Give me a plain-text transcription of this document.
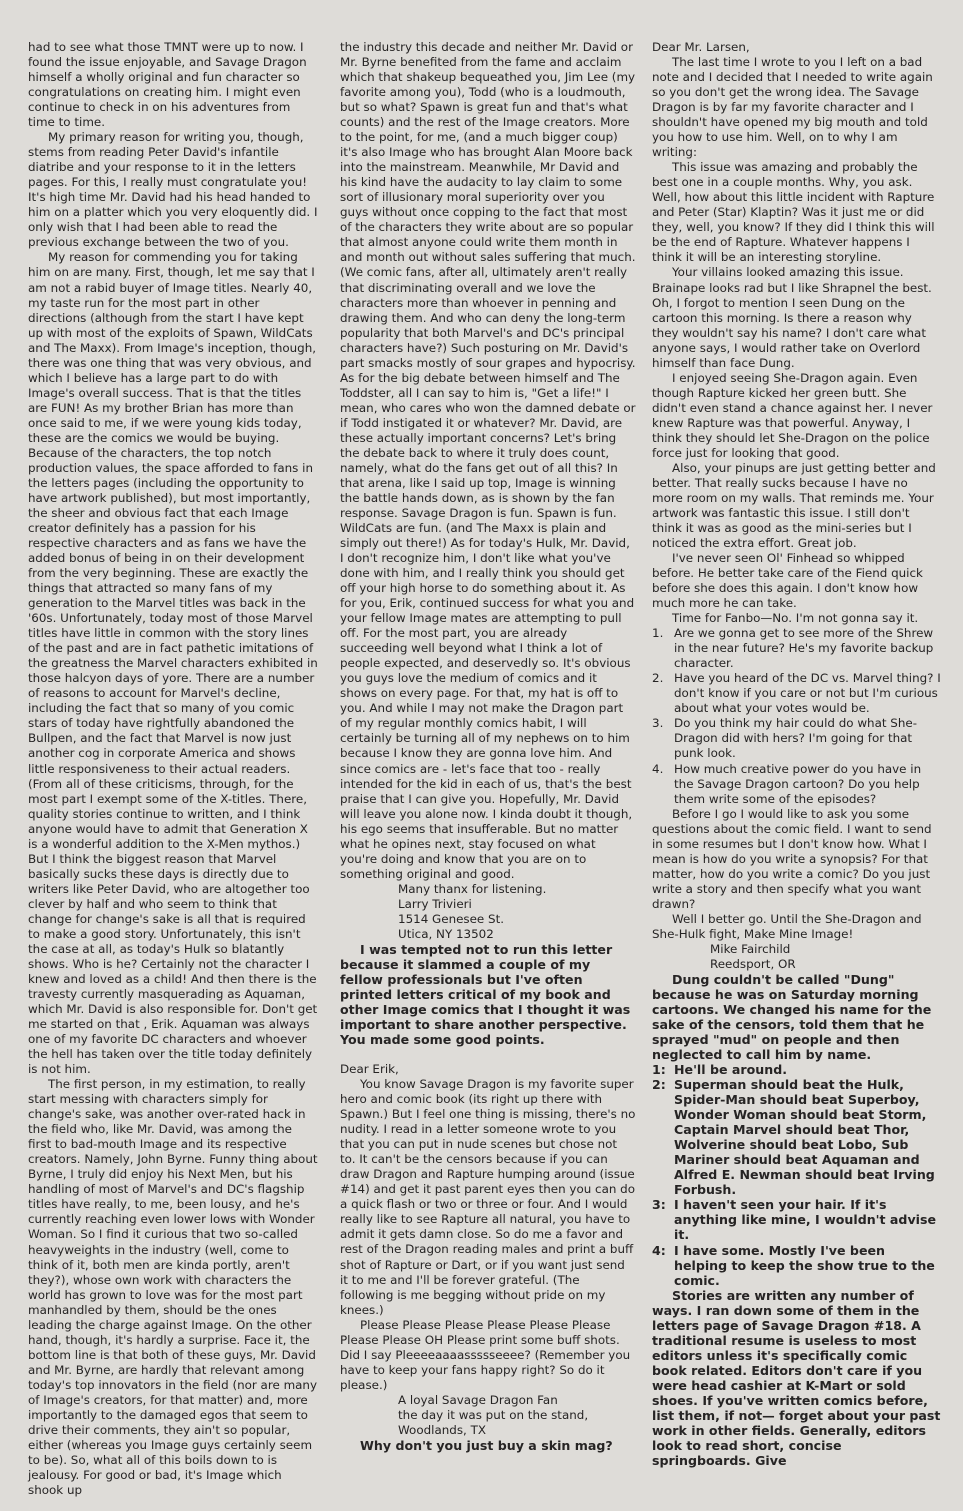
had to see what those TMNT were up to now. I found the issue enjoyable, and Savage Dragon himself a wholly original and fun character so congratulations on creating him. I might even continue to check in on his adventures from time to time.

My primary reason for writing you, though, stems from reading Peter David's infantile diatribe and your response to it in the letters pages. For this, I really must congratulate you! It's high time Mr. David had his head handed to him on a platter which you very eloquently did. I only wish that I had been able to read the previous exchange between the two of you.

My reason for commending you for taking him on are many. First, though, let me say that I am not a rabid buyer of Image titles. Nearly 40, my taste run for the most part in other directions (although from the start I have kept up with most of the exploits of Spawn, WildCats and The Maxx). From Image's inception, though, there was one thing that was very obvious, and which I believe has a large part to do with Image's overall success. That is that the titles are FUN! As my brother Brian has more than once said to me, if we were young kids today, these are the comics we would be buying. Because of the characters, the top notch production values, the space afforded to fans in the letters pages (including the opportunity to have artwork published), but most importantly, the sheer and obvious fact that each Image creator definitely has a passion for his respective characters and as fans we have the added bonus of being in on their development from the very beginning. These are exactly the things that attracted so many fans of my generation to the Marvel titles was back in the '60s. Unfortunately, today most of those Marvel titles have little in common with the story lines of the past and are in fact pathetic imitations of the greatness the Marvel characters exhibited in those halcyon days of yore. There are a number of reasons to account for Marvel's decline, including the fact that so many of you comic stars of today have rightfully abandoned the Bullpen, and the fact that Marvel is now just another cog in corporate America and shows little responsiveness to their actual readers. (From all of these criticisms, through, for the most part I exempt some of the X-titles. There, quality stories continue to written, and I think anyone would have to admit that Generation X is a wonderful addition to the X-Men mythos.) But I think the biggest reason that Marvel basically sucks these days is directly due to writers like Peter David, who are altogether too clever by half and who seem to think that change for change's sake is all that is required to make a good story. Unfortunately, this isn't the case at all, as today's Hulk so blatantly shows. Who is he? Certainly not the character I knew and loved as a child! And then there is the travesty currently masquerading as Aquaman, which Mr. David is also responsible for. Don't get me started on that , Erik. Aquaman was always one of my favorite DC characters and whoever the hell has taken over the title today definitely is not him.

The first person, in my estimation, to really start messing with characters simply for change's sake, was another over-rated hack in the field who, like Mr. David, was among the first to bad-mouth Image and its respective creators. Namely, John Byrne. Funny thing about Byrne, I truly did enjoy his Next Men, but his handling of most of Marvel's and DC's flagship titles have really, to me, been lousy, and he's currently reaching even lower lows with Wonder Woman. So I find it curious that two so-called heavyweights in the industry (well, come to think of it, both men are kinda portly, aren't they?), whose own work with characters the world has grown to love was for the most part manhandled by them, should be the ones leading the charge against Image. On the other hand, though, it's hardly a surprise. Face it, the bottom line is that both of these guys, Mr. David and Mr. Byrne, are hardly that relevant among today's top innovators in the field (nor are many of Image's creators, for that matter) and, more importantly to the damaged egos that seem to drive their comments, they ain't so popular, either (whereas you Image guys certainly seem to be). So, what all of this boils down to is jealousy. For good or bad, it's Image which shook up

the industry this decade and neither Mr. David or Mr. Byrne benefited from the fame and acclaim which that shakeup bequeathed you, Jim Lee (my favorite among you), Todd (who is a loudmouth, but so what? Spawn is great fun and that's what counts) and the rest of the Image creators. More to the point, for me, (and a much bigger coup) it's also Image who has brought Alan Moore back into the mainstream. Meanwhile, Mr David and his kind have the audacity to lay claim to some sort of illusionary moral superiority over you guys without once copping to the fact that most of the characters they write about are so popular that almost anyone could write them month in and month out without sales suffering that much. (We comic fans, after all, ultimately aren't really that discriminating overall and we love the characters more than whoever in penning and drawing them. And who can deny the long-term popularity that both Marvel's and DC's principal characters have?) Such posturing on Mr. David's part smacks mostly of sour grapes and hypocrisy. As for the big debate between himself and The Toddster, all I can say to him is, "Get a life!" I mean, who cares who won the damned debate or if Todd instigated it or whatever? Mr. David, are these actually important concerns? Let's bring the debate back to where it truly does count, namely, what do the fans get out of all this? In that arena, like I said up top, Image is winning the battle hands down, as is shown by the fan response. Savage Dragon is fun. Spawn is fun. WildCats are fun. (and The Maxx is plain and simply out there!) As for today's Hulk, Mr. David, I don't recognize him, I don't like what you've done with him, and I really think you should get off your high horse to do something about it. As for you, Erik, continued success for what you and your fellow Image mates are attempting to pull off. For the most part, you are already succeeding well beyond what I think a lot of people expected, and deservedly so. It's obvious you guys love the medium of comics and it shows on every page. For that, my hat is off to you. And while I may not make the Dragon part of my regular monthly comics habit, I will certainly be turning all of my nephews on to him because I know they are gonna love him. And since comics are - let's face that too - really intended for the kid in each of us, that's the best praise that I can give you. Hopefully, Mr. David will leave you alone now. I kinda doubt it though, his ego seems that insufferable. But no matter what he opines next, stay focused on what you're doing and know that you are on to something original and good.

Many thanx for listening.

Larry Trivieri

1514 Genesee St.

Utica, NY 13502

I was tempted not to run this letter because it slammed a couple of my fellow professionals but I've often printed letters critical of my book and other Image comics that I thought it was important to share another perspective. You made some good points.

Dear Erik,

You know Savage Dragon is my favorite super hero and comic book (its right up there with Spawn.) But I feel one thing is missing, there's no nudity. I read in a letter someone wrote to you that you can put in nude scenes but chose not to. It can't be the censors because if you can draw Dragon and Rapture humping around (issue #14) and get it past parent eyes then you can do a quick flash or two or three or four. And I would really like to see Rapture all natural, you have to admit it gets damn close. So do me a favor and rest of the Dragon reading males and print a buff shot of Rapture or Dart, or if you want just send it to me and I'll be forever grateful. (The following is me begging without pride on my knees.)

Please Please Please Please Please Please Please Please OH Please print some buff shots. Did I say Pleeeeaaaassssseeee? (Remember you have to keep your fans happy right? So do it please.)

A loyal Savage Dragon Fan

the day it was put on the stand,

Woodlands, TX

Why don't you just buy a skin mag?

Dear Mr. Larsen,

The last time I wrote to you I left on a bad note and I decided that I needed to write again so you don't get the wrong idea. The Savage Dragon is by far my favorite character and I shouldn't have opened my big mouth and told you how to use him. Well, on to why I am writing:

This issue was amazing and probably the best one in a couple months. Why, you ask. Well, how about this little incident with Rapture and Peter (Star) Klaptin? Was it just me or did they, well, you know? If they did I think this will be the end of Rapture. Whatever happens I think it will be an interesting storyline.

Your villains looked amazing this issue. Brainape looks rad but I like Shrapnel the best. Oh, I forgot to mention I seen Dung on the cartoon this morning. Is there a reason why they wouldn't say his name? I don't care what anyone says, I would rather take on Overlord himself than face Dung.

I enjoyed seeing She-Dragon again. Even though Rapture kicked her green butt. She didn't even stand a chance against her. I never knew Rapture was that powerful. Anyway, I think they should let She-Dragon on the police force just for looking that good.

Also, your pinups are just getting better and better. That really sucks because I have no more room on my walls. That reminds me. Your artwork was fantastic this issue. I still don't think it was as good as the mini-series but I noticed the extra effort. Great job.

I've never seen Ol' Finhead so whipped before. He better take care of the Fiend quick before she does this again. I don't know how much more he can take.

Time for Fanbo—No. I'm not gonna say it.

1. Are we gonna get to see more of the Shrew in the near future? He's my favorite backup character.
2. Have you heard of the DC vs. Marvel thing? I don't know if you care or not but I'm curious about what your votes would be.
3. Do you think my hair could do what She-Dragon did with hers? I'm going for that punk look.
4. How much creative power do you have in the Savage Dragon cartoon? Do you help them write some of the episodes?

Before I go I would like to ask you some questions about the comic field. I want to send in some resumes but I don't know how. What I mean is how do you write a synopsis? For that matter, how do you write a comic? Do you just write a story and then specify what you want drawn?

Well I better go. Until the She-Dragon and She-Hulk fight, Make Mine Image!

Mike Fairchild

Reedsport, OR

Dung couldn't be called "Dung" because he was on Saturday morning cartoons. We changed his name for the sake of the censors, told them that he sprayed "mud" on people and then neglected to call him by name.

1: He'll be around.
2: Superman should beat the Hulk, Spider-Man should beat Superboy, Wonder Woman should beat Storm, Captain Marvel should beat Thor, Wolverine should beat Lobo, Sub Mariner should beat Aquaman and Alfred E. Newman should beat Irving Forbush.
3: I haven't seen your hair. If it's anything like mine, I wouldn't advise it.
4: I have some. Mostly I've been helping to keep the show true to the comic.

Stories are written any number of ways. I ran down some of them in the letters page of Savage Dragon #18. A traditional resume is useless to most editors unless it's specifically comic book related. Editors don't care if you were head cashier at K-Mart or sold shoes. If you've written comics before, list them, if not— forget about your past work in other fields. Generally, editors look to read short, concise springboards. Give
